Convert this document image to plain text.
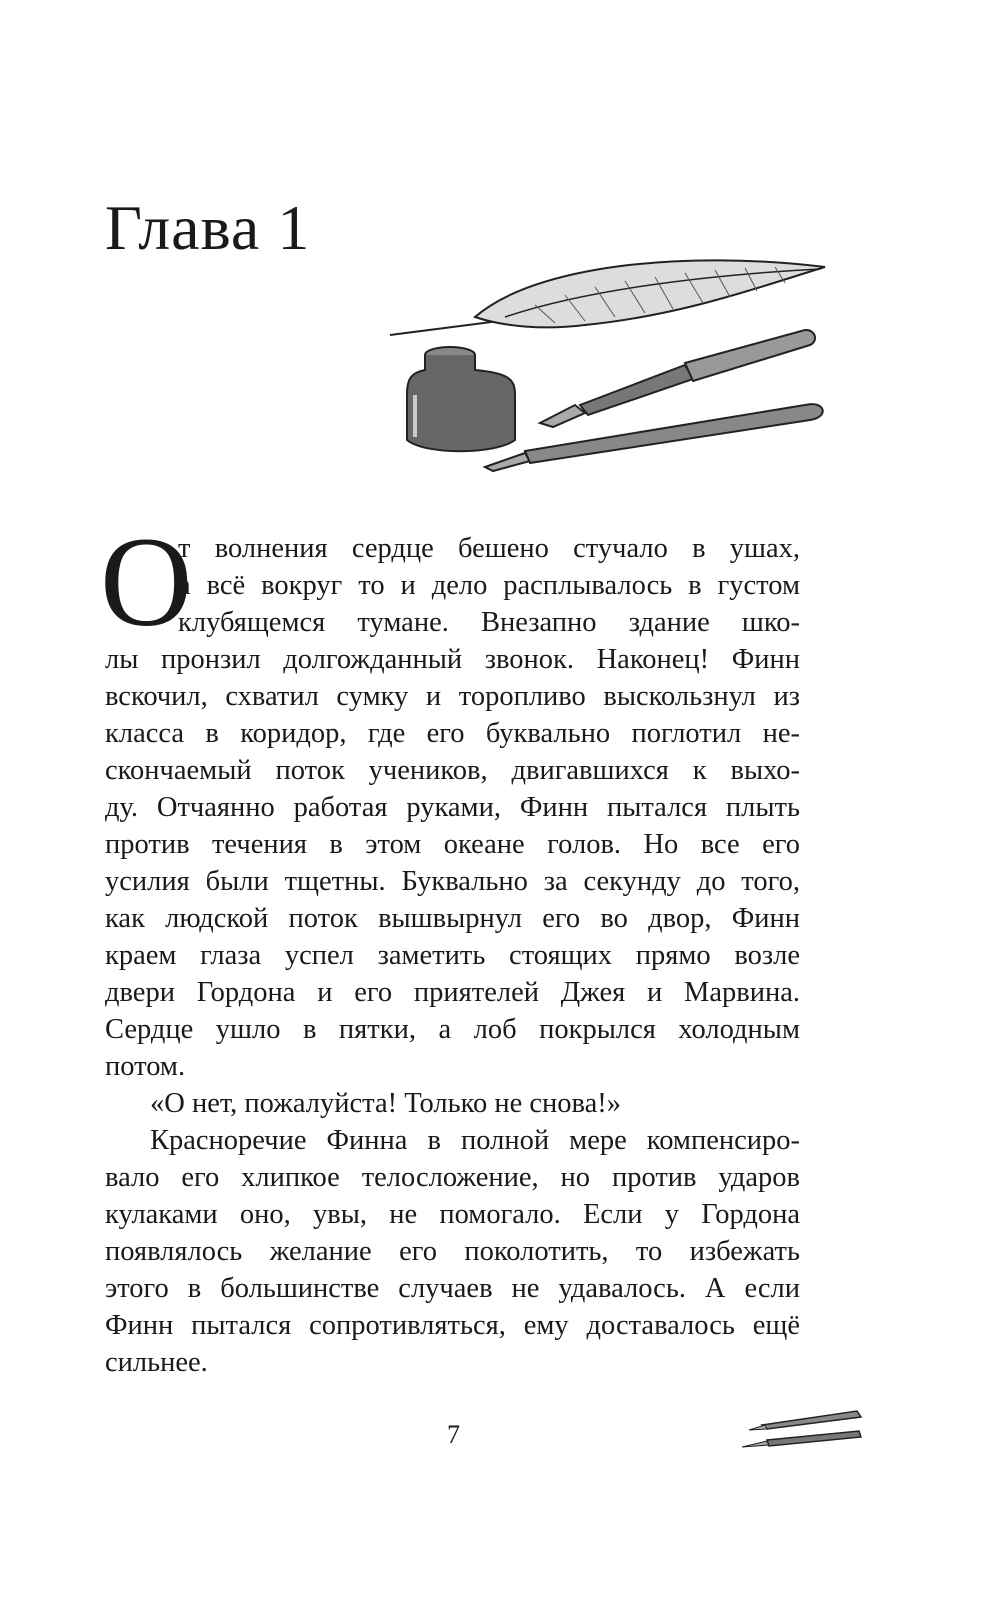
Глава 1
О
т волнения сердце бешено стучало в ушах,
а всё вокруг то и дело расплывалось в густом
клубящемся тумане. Внезапно здание шко-
лы пронзил долгожданный звонок. Наконец! Финн
вскочил, схватил сумку и торопливо выскользнул из
класса в коридор, где его буквально поглотил не-
скончаемый поток учеников, двигавшихся к выхо-
ду. Отчаянно работая руками, Финн пытался плыть
против течения в этом океане голов. Но все его
усилия были тщетны. Буквально за секунду до того,
как людской поток вышвырнул его во двор, Финн
краем глаза успел заметить стоящих прямо возле
двери Гордона и его приятелей Джея и Марвина.
Сердце ушло в пятки, а лоб покрылся холодным
потом.
«О нет, пожалуйста! Только не снова!»
Красноречие Финна в полной мере компенсиро-
вало его хлипкое телосложение, но против ударов
кулаками оно, увы, не помогало. Если у Гордона
появлялось желание его поколотить, то избежать
этого в большинстве случаев не удавалось. А если
Финн пытался сопротивляться, ему доставалось ещё
сильнее.
7
